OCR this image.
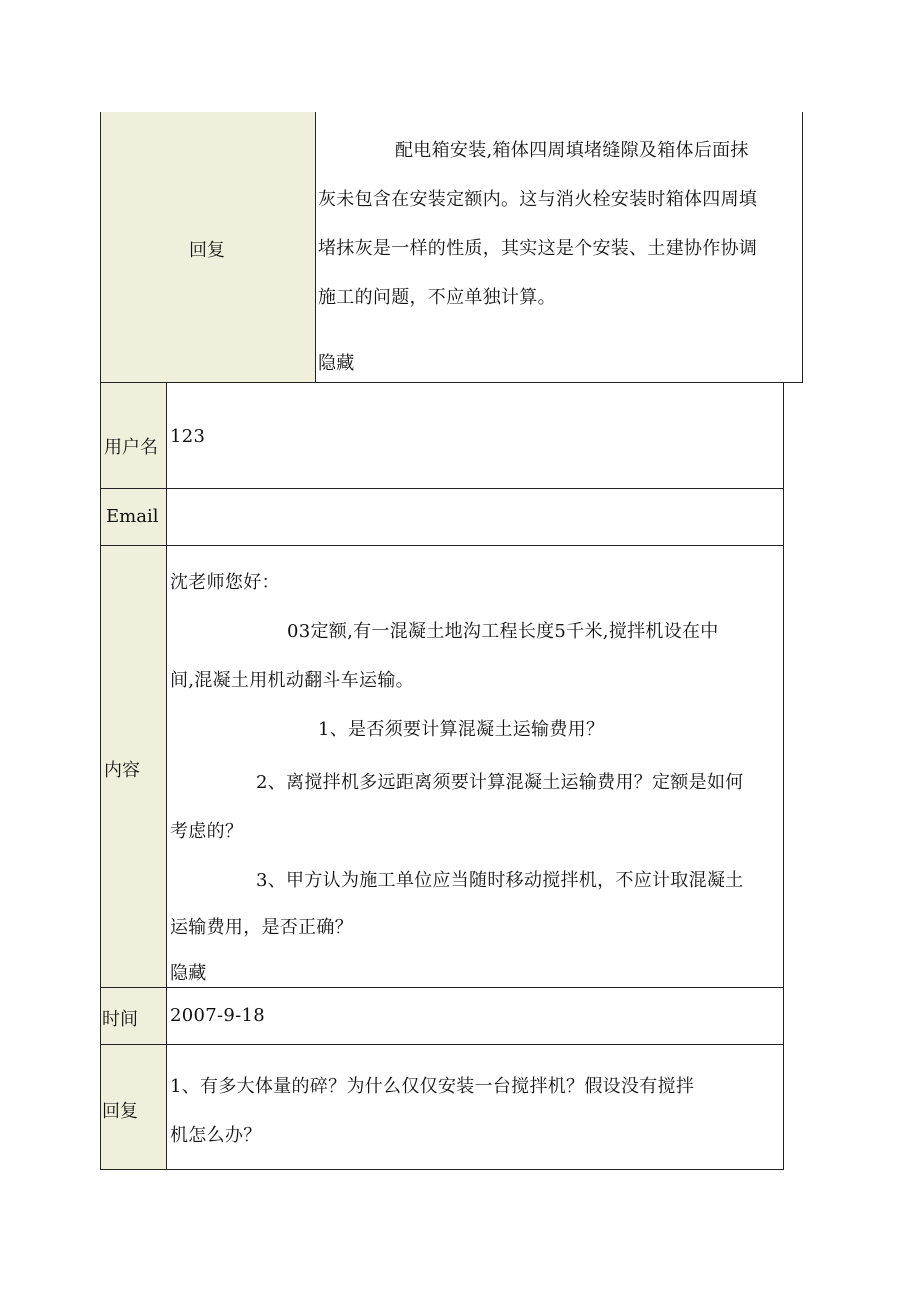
回复
配电箱安装,箱体四周填堵缝隙及箱体后面抹
灰未包含在安装定额内。这与消火栓安装时箱体四周填
堵抹灰是一样的性质，其实这是个安装、土建协作协调
施工的问题，不应单独计算。
隐藏
用户名
123
Email
内容
沈老师您好：
03定额,有一混凝土地沟工程长度5千米,搅拌机设在中
间,混凝土用机动翻斗车运输。
1、是否须要计算混凝土运输费用？
2、离搅拌机多远距离须要计算混凝土运输费用？定额是如何
考虑的？
3、甲方认为施工单位应当随时移动搅拌机，不应计取混凝土
运输费用，是否正确？
隐藏
时间 2007-9-18
回复
1、有多大体量的碎？为什么仅仅安装一台搅拌机？假设没有搅拌
机怎么办？
